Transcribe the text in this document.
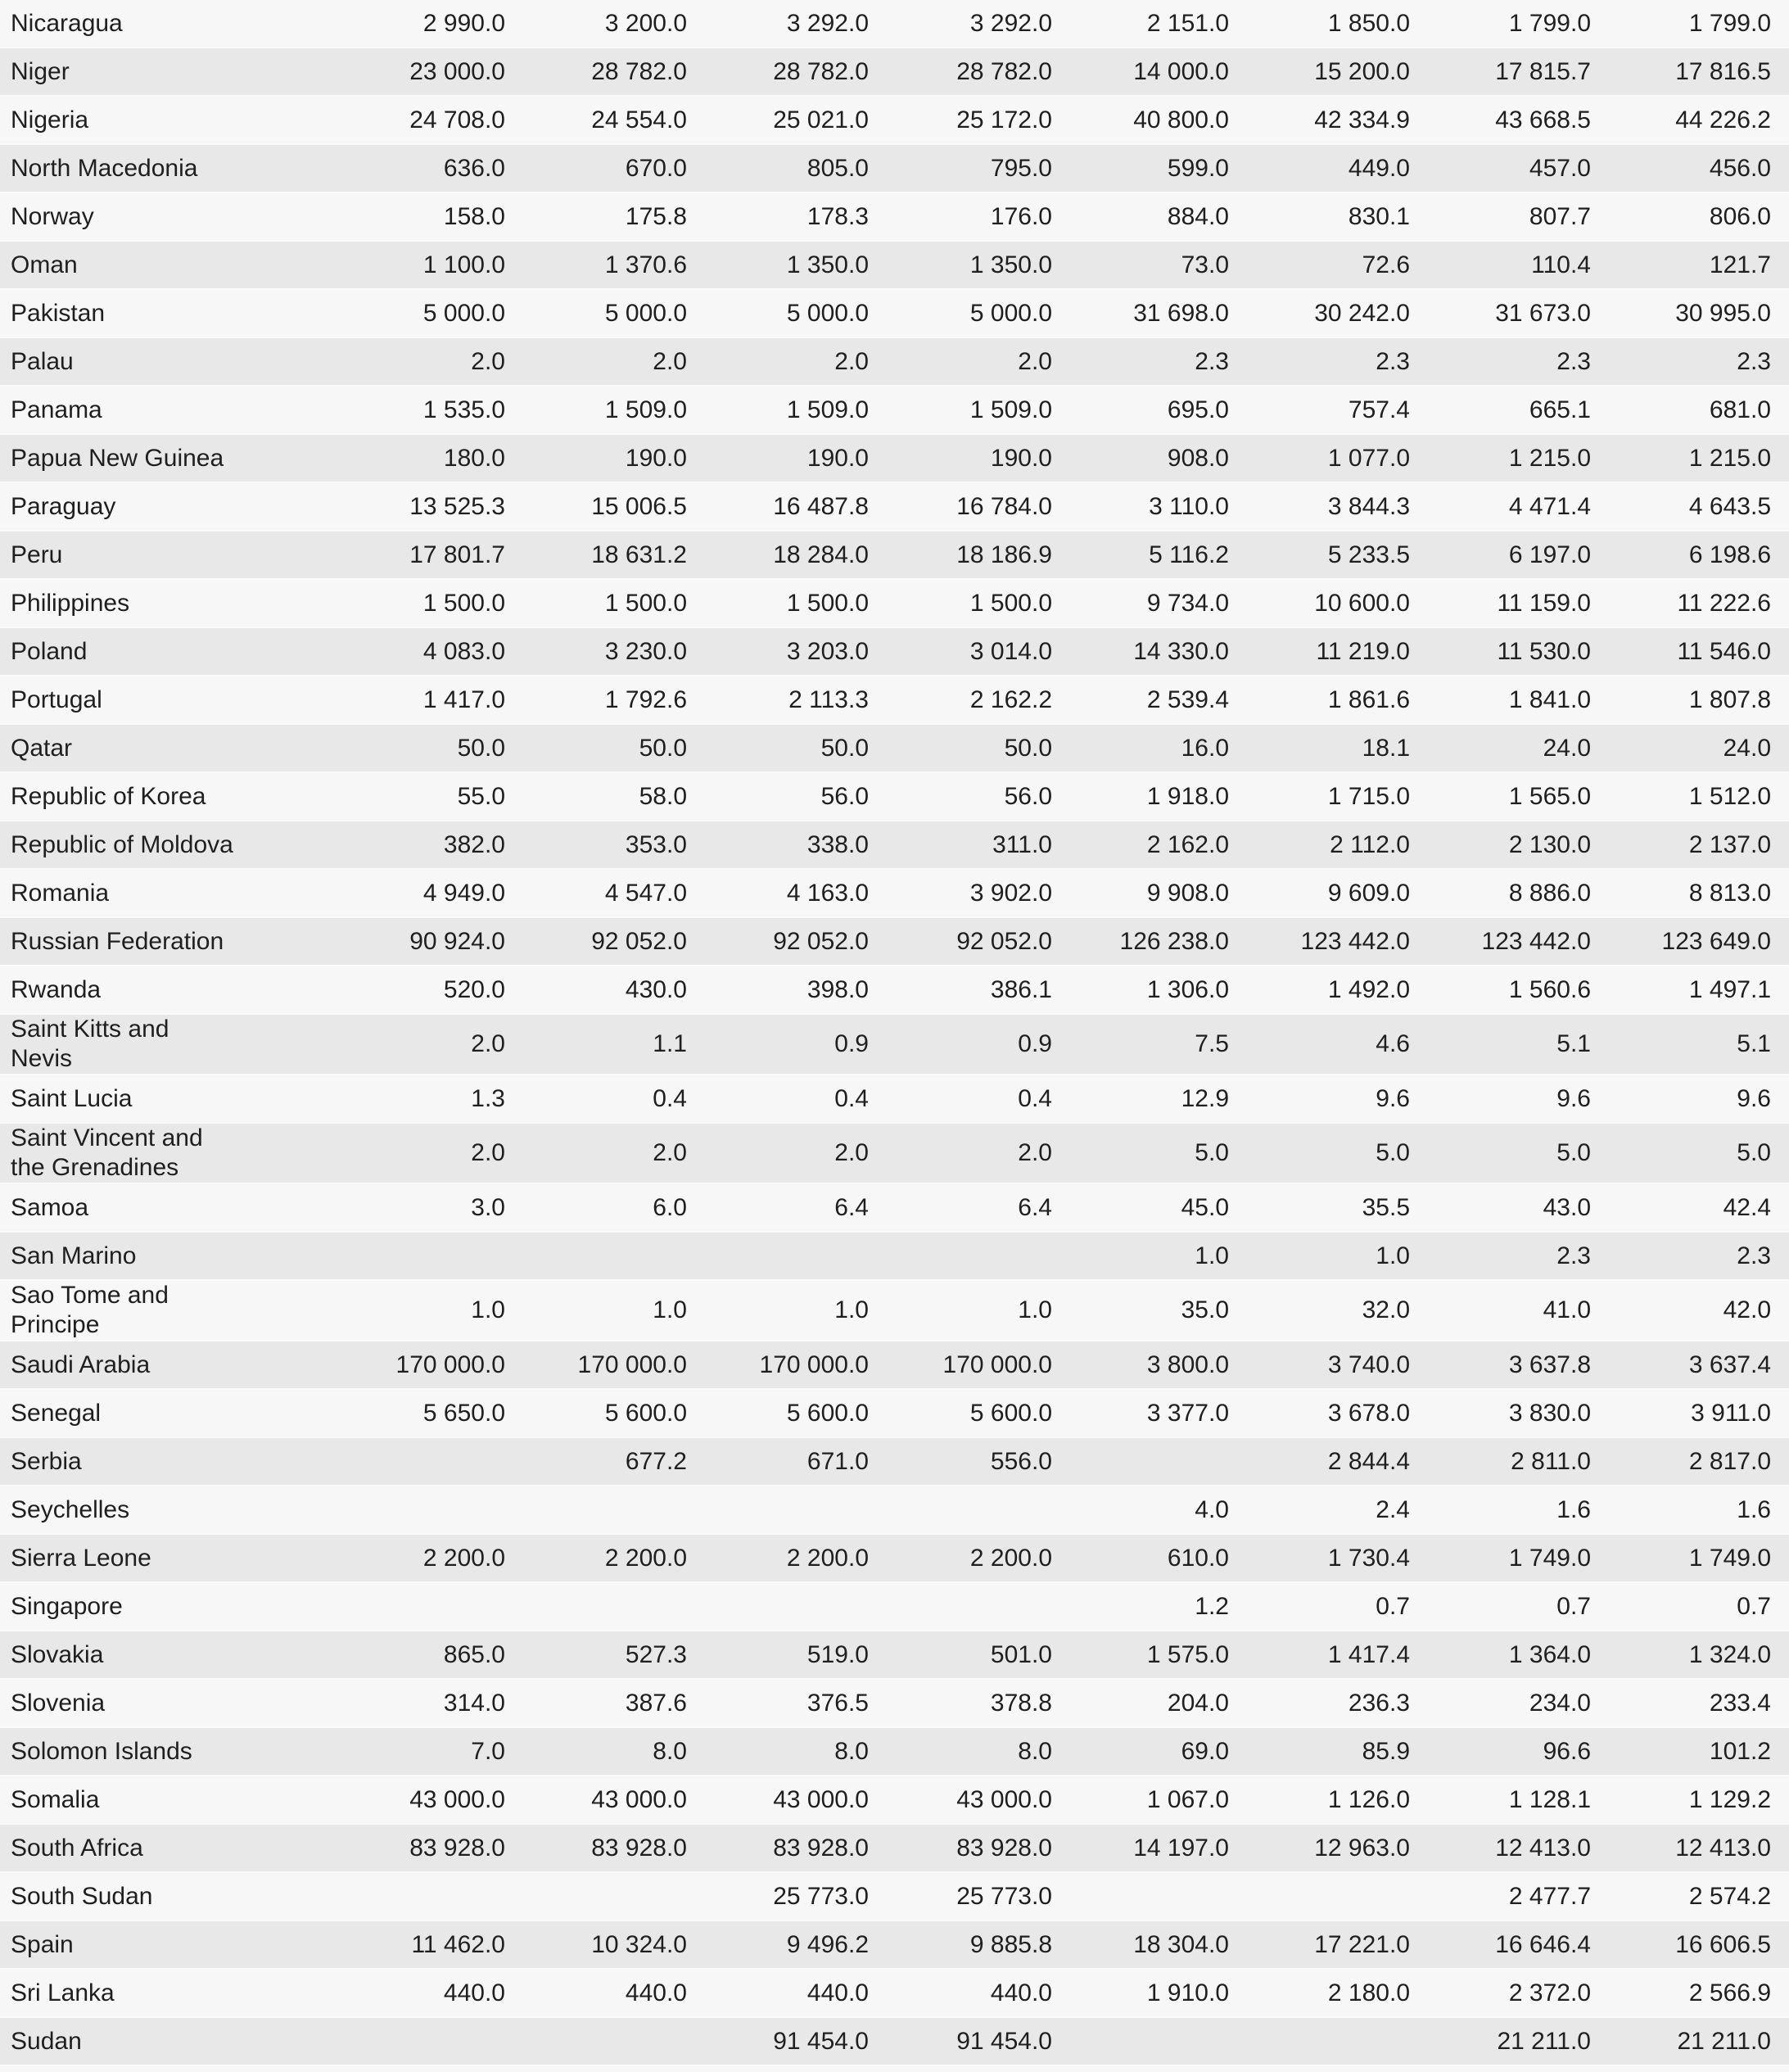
Nicaragua	2 990.0	3 200.0	3 292.0	3 292.0	2 151.0	1 850.0	1 799.0	1 799.0
Niger	23 000.0	28 782.0	28 782.0	28 782.0	14 000.0	15 200.0	17 815.7	17 816.5
Nigeria	24 708.0	24 554.0	25 021.0	25 172.0	40 800.0	42 334.9	43 668.5	44 226.2
North Macedonia	636.0	670.0	805.0	795.0	599.0	449.0	457.0	456.0
Norway	158.0	175.8	178.3	176.0	884.0	830.1	807.7	806.0
Oman	1 100.0	1 370.6	1 350.0	1 350.0	73.0	72.6	110.4	121.7
Pakistan	5 000.0	5 000.0	5 000.0	5 000.0	31 698.0	30 242.0	31 673.0	30 995.0
Palau	2.0	2.0	2.0	2.0	2.3	2.3	2.3	2.3
Panama	1 535.0	1 509.0	1 509.0	1 509.0	695.0	757.4	665.1	681.0
Papua New Guinea	180.0	190.0	190.0	190.0	908.0	1 077.0	1 215.0	1 215.0
Paraguay	13 525.3	15 006.5	16 487.8	16 784.0	3 110.0	3 844.3	4 471.4	4 643.5
Peru	17 801.7	18 631.2	18 284.0	18 186.9	5 116.2	5 233.5	6 197.0	6 198.6
Philippines	1 500.0	1 500.0	1 500.0	1 500.0	9 734.0	10 600.0	11 159.0	11 222.6
Poland	4 083.0	3 230.0	3 203.0	3 014.0	14 330.0	11 219.0	11 530.0	11 546.0
Portugal	1 417.0	1 792.6	2 113.3	2 162.2	2 539.4	1 861.6	1 841.0	1 807.8
Qatar	50.0	50.0	50.0	50.0	16.0	18.1	24.0	24.0
Republic of Korea	55.0	58.0	56.0	56.0	1 918.0	1 715.0	1 565.0	1 512.0
Republic of Moldova	382.0	353.0	338.0	311.0	2 162.0	2 112.0	2 130.0	2 137.0
Romania	4 949.0	4 547.0	4 163.0	3 902.0	9 908.0	9 609.0	8 886.0	8 813.0
Russian Federation	90 924.0	92 052.0	92 052.0	92 052.0	126 238.0	123 442.0	123 442.0	123 649.0
Rwanda	520.0	430.0	398.0	386.1	1 306.0	1 492.0	1 560.6	1 497.1
Saint Kitts and Nevis	2.0	1.1	0.9	0.9	7.5	4.6	5.1	5.1
Saint Lucia	1.3	0.4	0.4	0.4	12.9	9.6	9.6	9.6
Saint Vincent and the Grenadines	2.0	2.0	2.0	2.0	5.0	5.0	5.0	5.0
Samoa	3.0	6.0	6.4	6.4	45.0	35.5	43.0	42.4
San Marino					1.0	1.0	2.3	2.3
Sao Tome and Principe	1.0	1.0	1.0	1.0	35.0	32.0	41.0	42.0
Saudi Arabia	170 000.0	170 000.0	170 000.0	170 000.0	3 800.0	3 740.0	3 637.8	3 637.4
Senegal	5 650.0	5 600.0	5 600.0	5 600.0	3 377.0	3 678.0	3 830.0	3 911.0
Serbia		677.2	671.0	556.0		2 844.4	2 811.0	2 817.0
Seychelles					4.0	2.4	1.6	1.6
Sierra Leone	2 200.0	2 200.0	2 200.0	2 200.0	610.0	1 730.4	1 749.0	1 749.0
Singapore					1.2	0.7	0.7	0.7
Slovakia	865.0	527.3	519.0	501.0	1 575.0	1 417.4	1 364.0	1 324.0
Slovenia	314.0	387.6	376.5	378.8	204.0	236.3	234.0	233.4
Solomon Islands	7.0	8.0	8.0	8.0	69.0	85.9	96.6	101.2
Somalia	43 000.0	43 000.0	43 000.0	43 000.0	1 067.0	1 126.0	1 128.1	1 129.2
South Africa	83 928.0	83 928.0	83 928.0	83 928.0	14 197.0	12 963.0	12 413.0	12 413.0
South Sudan			25 773.0	25 773.0			2 477.7	2 574.2
Spain	11 462.0	10 324.0	9 496.2	9 885.8	18 304.0	17 221.0	16 646.4	16 606.5
Sri Lanka	440.0	440.0	440.0	440.0	1 910.0	2 180.0	2 372.0	2 566.9
Sudan			91 454.0	91 454.0			21 211.0	21 211.0
